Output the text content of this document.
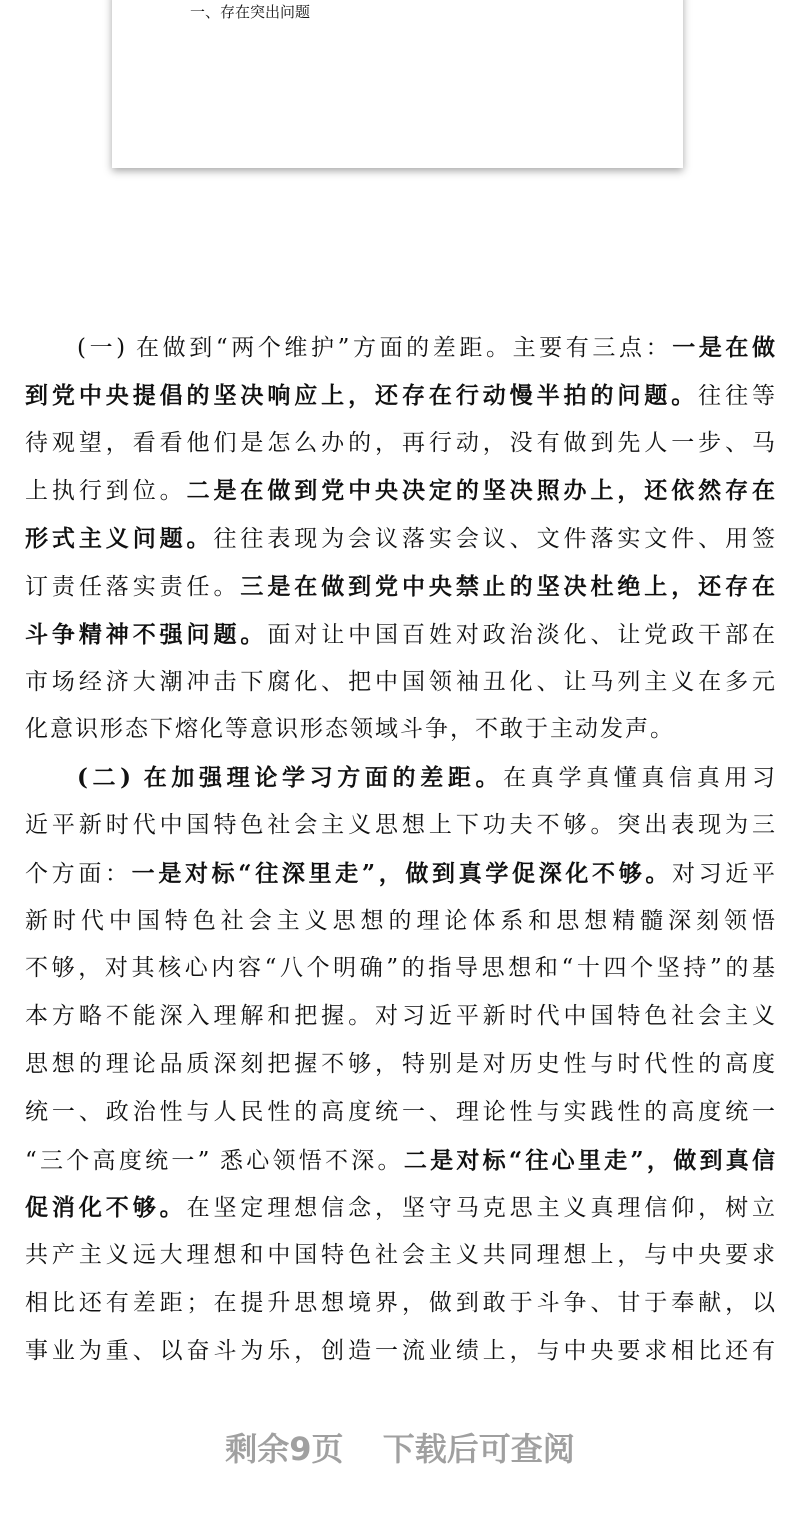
一、存在突出问题
(一) 在做到“两个维护”方面的差距。主要有三点：一是在做
到党中央提倡的坚决响应上，还存在行动慢半拍的问题。往往等
待观望，看看他们是怎么办的，再行动，没有做到先人一步、马
上执行到位。二是在做到党中央决定的坚决照办上，还依然存在
形式主义问题。往往表现为会议落实会议、文件落实文件、用签
订责任落实责任。三是在做到党中央禁止的坚决杜绝上，还存在
斗争精神不强问题。面对让中国百姓对政治淡化、让党政干部在
市场经济大潮冲击下腐化、把中国领袖丑化、让马列主义在多元
化意识形态下熔化等意识形态领域斗争，不敢于主动发声。
(二) 在加强理论学习方面的差距。在真学真懂真信真用习
近平新时代中国特色社会主义思想上下功夫不够。突出表现为三
个方面：一是对标“往深里走”，做到真学促深化不够。对习近平
新时代中国特色社会主义思想的理论体系和思想精髓深刻领悟
不够，对其核心内容“八个明确”的指导思想和“十四个坚持”的基
本方略不能深入理解和把握。对习近平新时代中国特色社会主义
思想的理论品质深刻把握不够，特别是对历史性与时代性的高度
统一、政治性与人民性的高度统一、理论性与实践性的高度统一
“三个高度统一” 悉心领悟不深。二是对标“往心里走”，做到真信
促消化不够。在坚定理想信念，坚守马克思主义真理信仰，树立
共产主义远大理想和中国特色社会主义共同理想上，与中央要求
相比还有差距；在提升思想境界，做到敢于斗争、甘于奉献，以
事业为重、以奋斗为乐，创造一流业绩上，与中央要求相比还有
剩余9页 下载后可查阅
